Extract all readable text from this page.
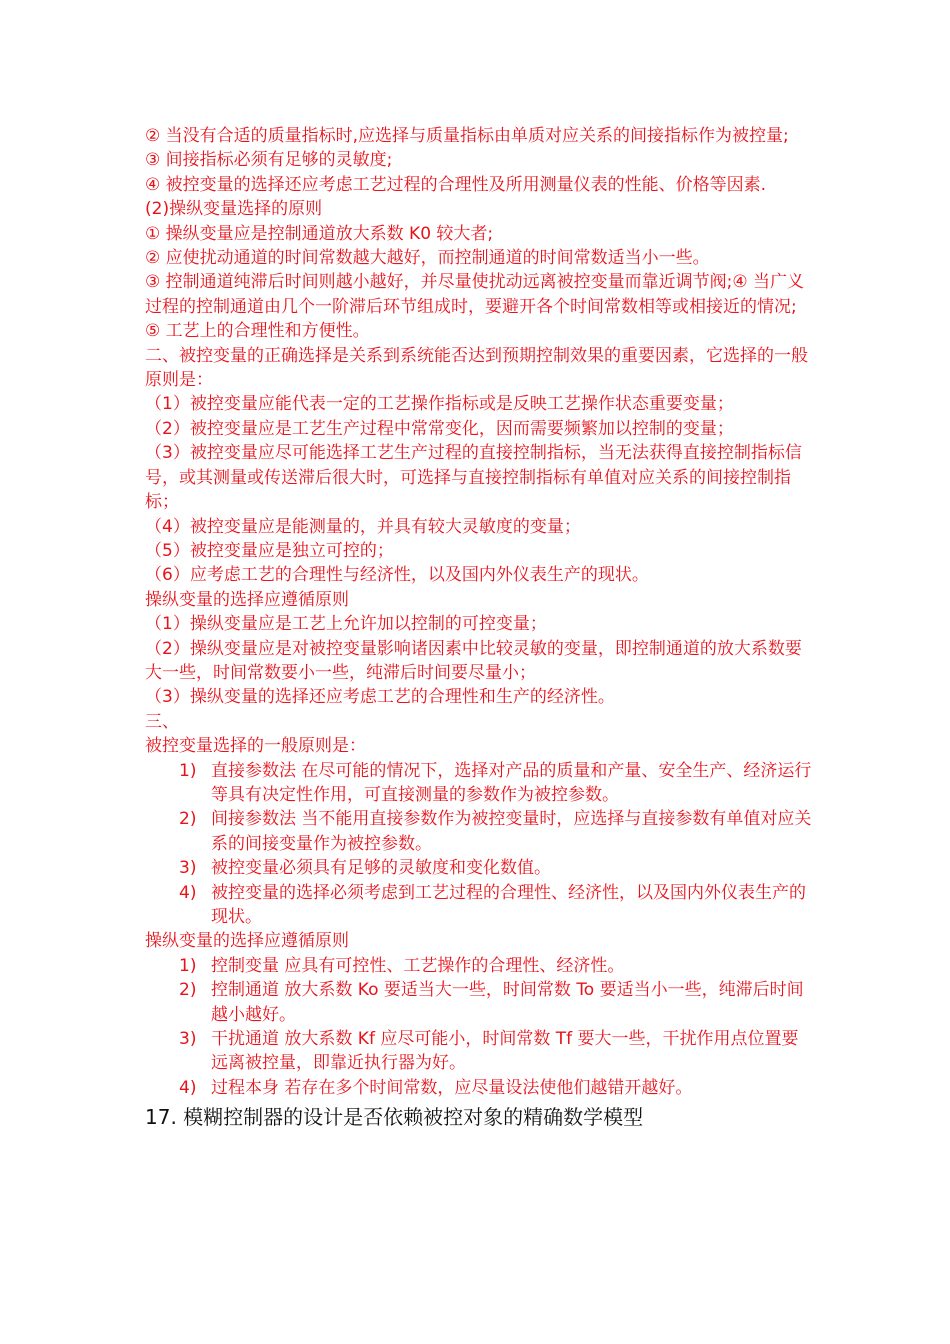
② 当没有合适的质量指标时,应选择与质量指标由单质对应关系的间接指标作为被控量;
③ 间接指标必须有足够的灵敏度;
④ 被控变量的选择还应考虑工艺过程的合理性及所用测量仪表的性能、价格等因素.
(2)操纵变量选择的原则
① 操纵变量应是控制通道放大系数 K0 较大者;
② 应使扰动通道的时间常数越大越好，而控制通道的时间常数适当小一些。
③ 控制通道纯滞后时间则越小越好，并尽量使扰动远离被控变量而靠近调节阀;④ 当广义过程的控制通道由几个一阶滞后环节组成时，要避开各个时间常数相等或相接近的情况;
⑤ 工艺上的合理性和方便性。
二、被控变量的正确选择是关系到系统能否达到预期控制效果的重要因素，它选择的一般原则是：
（1）被控变量应能代表一定的工艺操作指标或是反映工艺操作状态重要变量；
（2）被控变量应是工艺生产过程中常常变化，因而需要频繁加以控制的变量；
（3）被控变量应尽可能选择工艺生产过程的直接控制指标，当无法获得直接控制指标信号，或其测量或传送滞后很大时，可选择与直接控制指标有单值对应关系的间接控制指标；
（4）被控变量应是能测量的，并具有较大灵敏度的变量；
（5）被控变量应是独立可控的；
（6）应考虑工艺的合理性与经济性，以及国内外仪表生产的现状。
操纵变量的选择应遵循原则
（1）操纵变量应是工艺上允许加以控制的可控变量；
（2）操纵变量应是对被控变量影响诸因素中比较灵敏的变量，即控制通道的放大系数要大一些，时间常数要小一些，纯滞后时间要尽量小；
（3）操纵变量的选择还应考虑工艺的合理性和生产的经济性。
三、
被控变量选择的一般原则是：
1) 直接参数法 在尽可能的情况下，选择对产品的质量和产量、安全生产、经济运行等具有决定性作用，可直接测量的参数作为被控参数。
2) 间接参数法 当不能用直接参数作为被控变量时，应选择与直接参数有单值对应关系的间接变量作为被控参数。
3) 被控变量必须具有足够的灵敏度和变化数值。
4) 被控变量的选择必须考虑到工艺过程的合理性、经济性，以及国内外仪表生产的现状。
操纵变量的选择应遵循原则
1) 控制变量 应具有可控性、工艺操作的合理性、经济性。
2) 控制通道 放大系数 Ko 要适当大一些，时间常数 To 要适当小一些，纯滞后时间越小越好。
3) 干扰通道 放大系数 Kf 应尽可能小，时间常数 Tf 要大一些，干扰作用点位置要远离被控量，即靠近执行器为好。
4) 过程本身 若存在多个时间常数，应尽量设法使他们越错开越好。
17. 模糊控制器的设计是否依赖被控对象的精确数学模型
